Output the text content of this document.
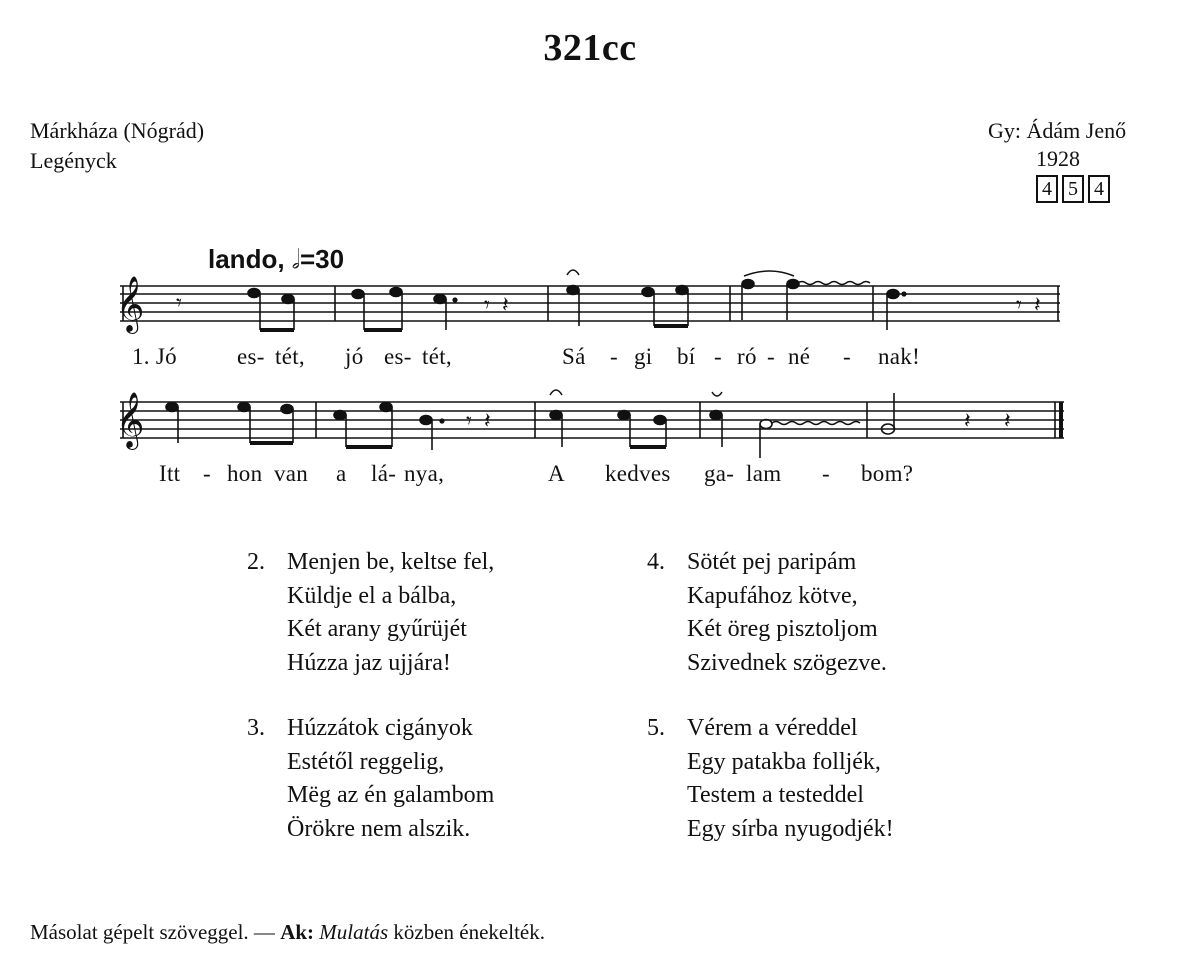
321cc
Márkháza (Nógrád)
Legényck
Gy: Ádám Jenő
1928
4 5 4
lando, 𝅗𝅥=30
𝄞 𝄾	𝄾 𝄽	𝄾 𝄽
𝄞	𝄾 𝄽	𝄽 𝄽
1. Jó	es- tét, jó es- tét,	Sá - gi bí - ró - né - nak!
Itt - hon van a lá- nya,	A kedves ga- lam - bom?
2. Menjen be, keltse fel,
Küldje el a bálba,
Két arany gyűrüjét
Húzza jaz ujjára!
4. Sötét pej paripám
Kapufához kötve,
Két öreg pisztoljom
Szivednek szögezve.
3. Húzzátok cigányok
Estétől reggelig,
Mëg az én galambom
Örökre nem alszik.
5. Vérem a véreddel
Egy patakba folljék,
Testem a testeddel
Egy sírba nyugodjék!
Másolat gépelt szöveggel. — Ak: Mulatás közben énekelték.
